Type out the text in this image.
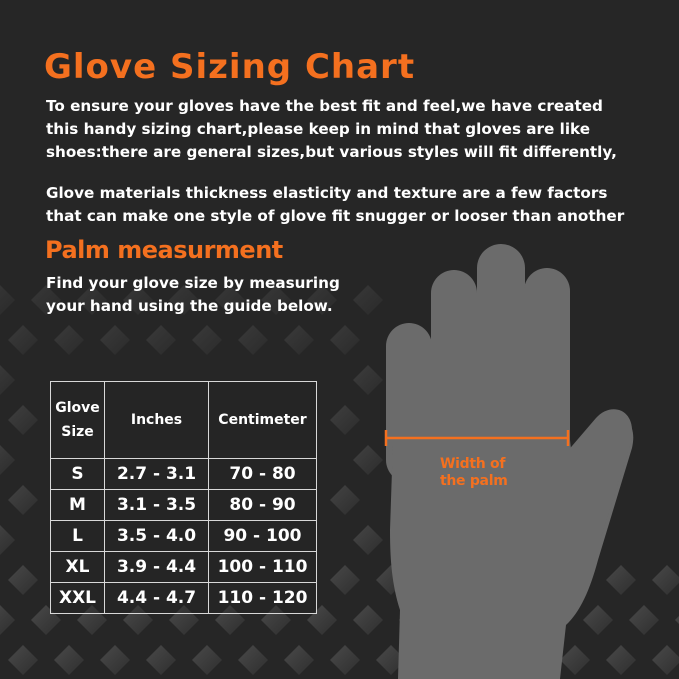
Glove Sizing Chart

To ensure your gloves have the best fit and feel,we have created
this handy sizing chart,please keep in mind that gloves are like
shoes:there are general sizes,but various styles will fit differently,

Glove materials thickness elasticity and texture are a few factors
that can make one style of glove fit snugger or looser than another

Palm measurment

Find your glove size by measuring
your hand using the guide below.

Width of
the palm
Glove
Size	Inches	Centimeter
S	2.7 - 3.1	70 - 80
M	3.1 - 3.5	80 - 90
L	3.5 - 4.0	90 - 100
XL	3.9 - 4.4	100 - 110
XXL	4.4 - 4.7	110 - 120
